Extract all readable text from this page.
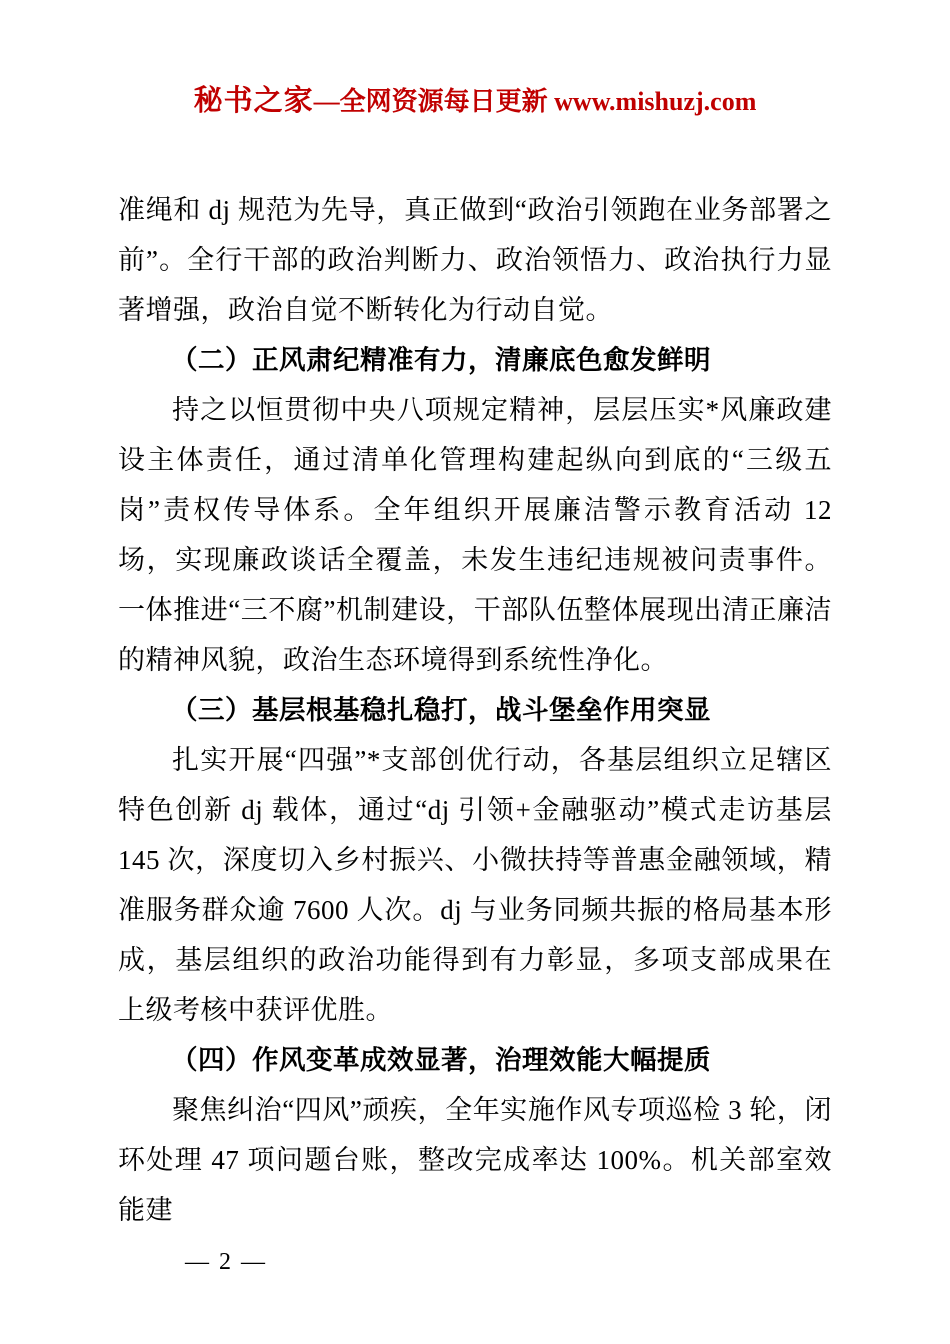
秘书之家—全网资源每日更新 www.mishuzj.com

准绳和 dj 规范为先导，真正做到“政治引领跑在业务部署之前”。全行干部的政治判断力、政治领悟力、政治执行力显著增强，政治自觉不断转化为行动自觉。

（二）正风肃纪精准有力，清廉底色愈发鲜明

持之以恒贯彻中央八项规定精神，层层压实*风廉政建设主体责任，通过清单化管理构建起纵向到底的“三级五岗”责权传导体系。全年组织开展廉洁警示教育活动 12 场，实现廉政谈话全覆盖，未发生违纪违规被问责事件。一体推进“三不腐”机制建设，干部队伍整体展现出清正廉洁的精神风貌，政治生态环境得到系统性净化。

（三）基层根基稳扎稳打，战斗堡垒作用突显

扎实开展“四强”*支部创优行动，各基层组织立足辖区特色创新 dj 载体，通过“dj 引领+金融驱动”模式走访基层 145 次，深度切入乡村振兴、小微扶持等普惠金融领域，精准服务群众逾 7600 人次。dj 与业务同频共振的格局基本形成，基层组织的政治功能得到有力彰显，多项支部成果在上级考核中获评优胜。

（四）作风变革成效显著，治理效能大幅提质

聚焦纠治“四风”顽疾，全年实施作风专项巡检 3 轮，闭环处理 47 项问题台账，整改完成率达 100%。机关部室效能建

— 2 —
